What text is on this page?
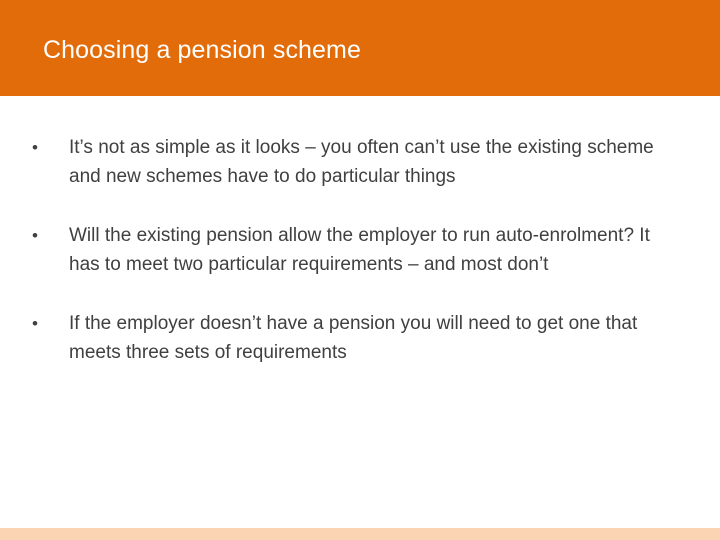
Choosing a pension scheme
• It’s not as simple as it looks – you often can’t use the existing scheme and new schemes have to do particular things
• Will the existing pension allow the employer to run auto-enrolment? It has to meet two particular requirements – and most don’t
• If the employer doesn’t have a pension you will need to get one that meets three sets of requirements
